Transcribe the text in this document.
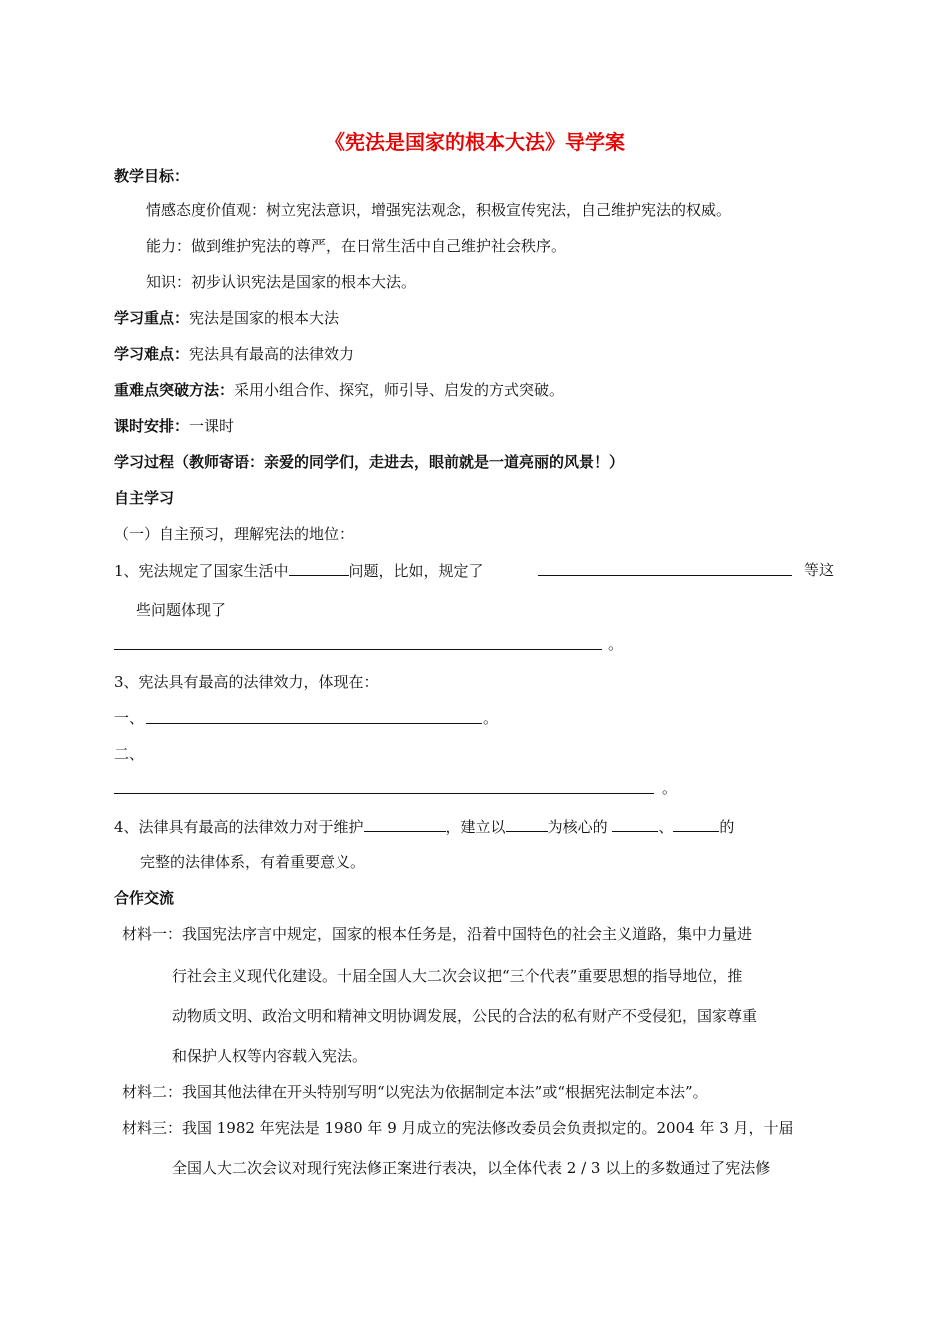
《宪法是国家的根本大法》导学案
教学目标：
情感态度价值观：树立宪法意识，增强宪法观念，积极宣传宪法，自己维护宪法的权威。
能力：做到维护宪法的尊严，在日常生活中自己维护社会秩序。
知识：初步认识宪法是国家的根本大法。
学习重点：宪法是国家的根本大法
学习难点：宪法具有最高的法律效力
重难点突破方法：采用小组合作、探究，师引导、启发的方式突破。
课时安排：一课时
学习过程（教师寄语：亲爱的同学们，走进去，眼前就是一道亮丽的风景！）
自主学习
（一）自主预习，理解宪法的地位：
1、宪法规定了国家生活中	问题，比如，规定了	等这
些问题体现了
。
3、宪法具有最高的法律效力，体现在：
一、	。
二、
。
4、法律具有最高的法律效力对于维护	，建立以	为核心的	、	的
完整的法律体系，有着重要意义。
合作交流
材料一：我国宪法序言中规定，国家的根本任务是，沿着中国特色的社会主义道路，集中力量进
行社会主义现代化建设。十届全国人大二次会议把“三个代表”重要思想的指导地位，推
动物质文明、政治文明和精神文明协调发展，公民的合法的私有财产不受侵犯，国家尊重
和保护人权等内容载入宪法。
材料二：我国其他法律在开头特别写明“以宪法为依据制定本法”或“根据宪法制定本法”。
材料三：我国 1982 年宪法是 1980 年 9 月成立的宪法修改委员会负责拟定的。2004 年 3 月，十届
全国人大二次会议对现行宪法修正案进行表决，以全体代表 2 / 3 以上的多数通过了宪法修
